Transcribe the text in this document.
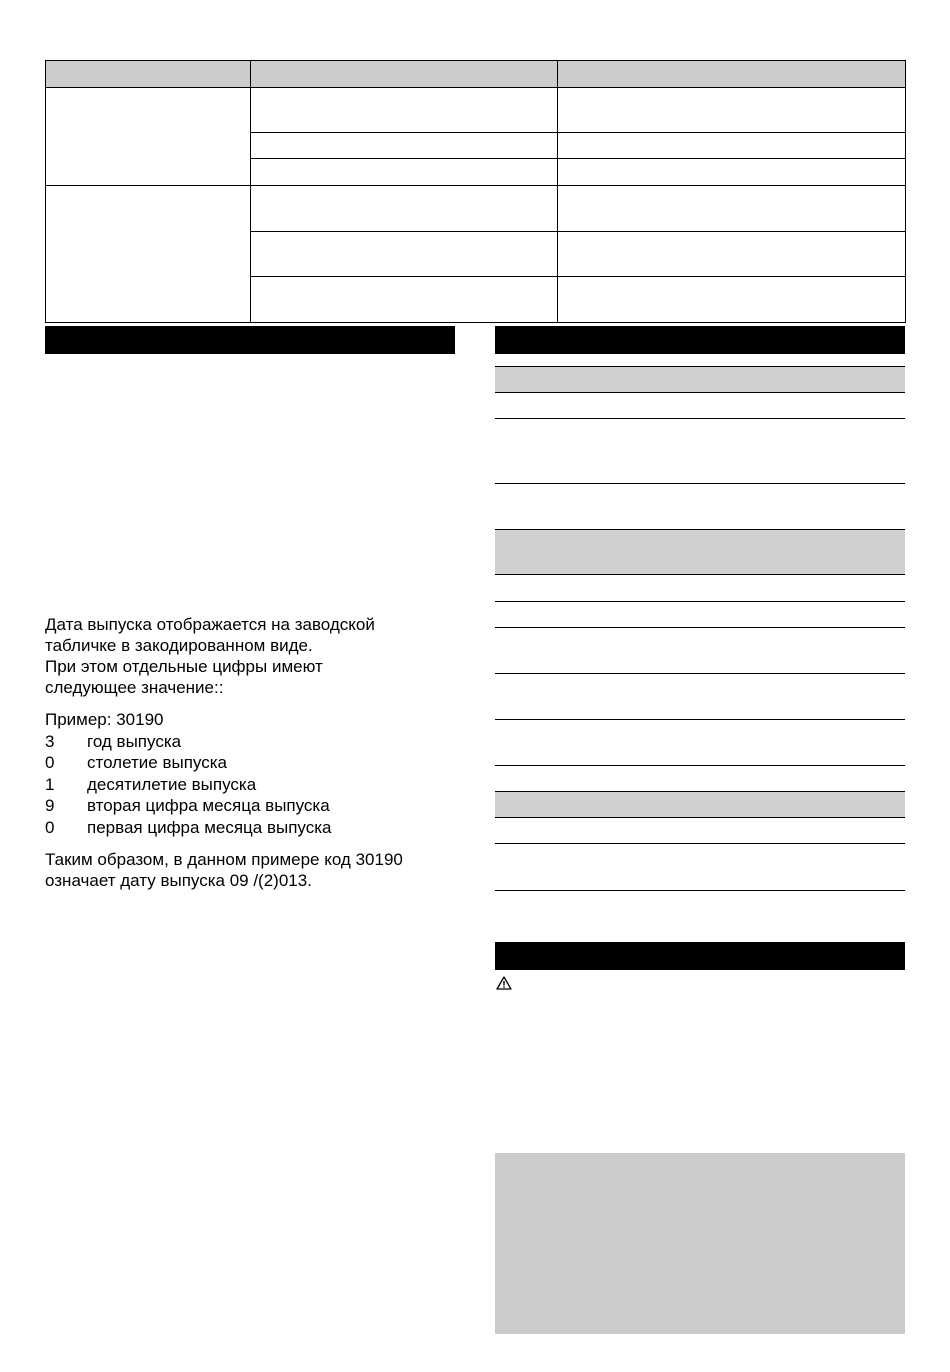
Дата выпуска отображается на заводской
табличке в закодированном виде.
При этом отдельные цифры имеют
следующее значение::
Пример: 30190
3	год выпуска
0	столетие выпуска
1	десятилетие выпуска
9	вторая цифра месяца выпуска
0	первая цифра месяца выпуска
Таким образом, в данном примере код 30190
означает дату выпуска 09 /(2)013.
